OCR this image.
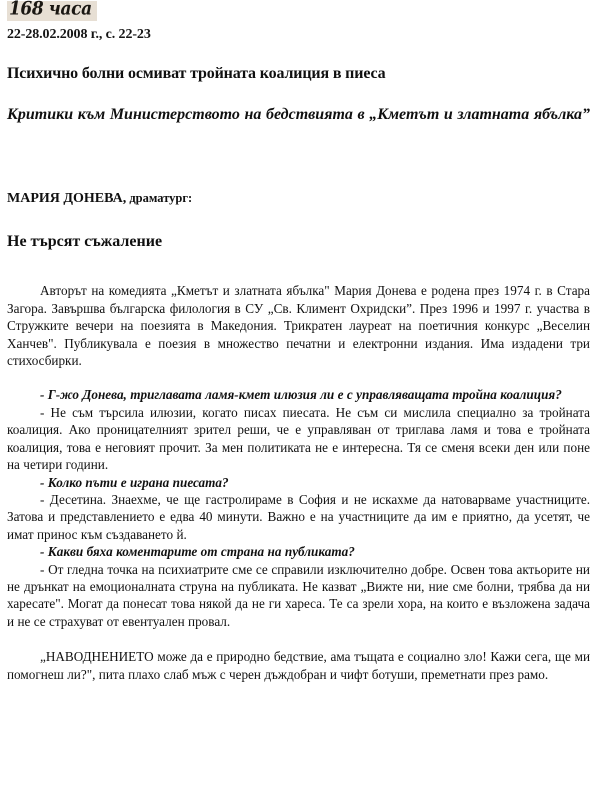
168 часа
22-28.02.2008 г., с. 22-23
Психично болни осмиват тройната коалиция в пиеса
Критики към Министерството на бедствията в „Кметът и златната ябълка”
МАРИЯ ДОНЕВА, драматург:
Не търсят съжаление

Авторът на комедията „Кметът и златната ябълка" Мария Донева е родена през 1974 г. в Стара Загора. Завършва българска филология в СУ „Св. Климент Охридски”. През 1996 и 1997 г. участва в Стружките вечери на поезията в Македония. Трикратен лауреат на поетичния конкурс „Веселин Ханчев". Публикувала е поезия в множество печатни и електронни издания. Има издадени три стихосбирки.

- Г-жо Донева, триглавата ламя-кмет илюзия ли е с управляващата тройна коалиция?

- Не съм търсила илюзии, когато писах пиесата. Не съм си мислила специално за тройната коалиция. Ако проницателният зрител реши, че е управляван от триглава ламя и това е тройната коалиция, това е неговият прочит. За мен политиката не е интересна. Тя се сменя всеки ден или поне на четири години.

- Колко пъти е играна пиесата?

- Десетина. Знаехме, че ще гастролираме в София и не искахме да натоварваме участниците. Затова и представлението е едва 40 минути. Важно е на участниците да им е приятно, да усетят, че имат принос към създаването й.

- Какви бяха коментарите от страна на публиката?

- От гледна точка на психиатрите сме се справили изключително добре. Освен това актьорите ни не дрънкат на емоционалната струна на публиката. Не казват „Вижте ни, ние сме болни, трябва да ни харесате". Могат да понесат това някой да не ги хареса. Те са зрели хора, на които е възложена задача и не се страхуват от евентуален провал.

„НАВОДНЕНИЕТО може да е природно бедствие, ама тъщата е социално зло! Кажи сега, ще ми помогнеш ли?", пита плахо слаб мъж с черен дъждобран и чифт ботуши, преметнати през рамо.
